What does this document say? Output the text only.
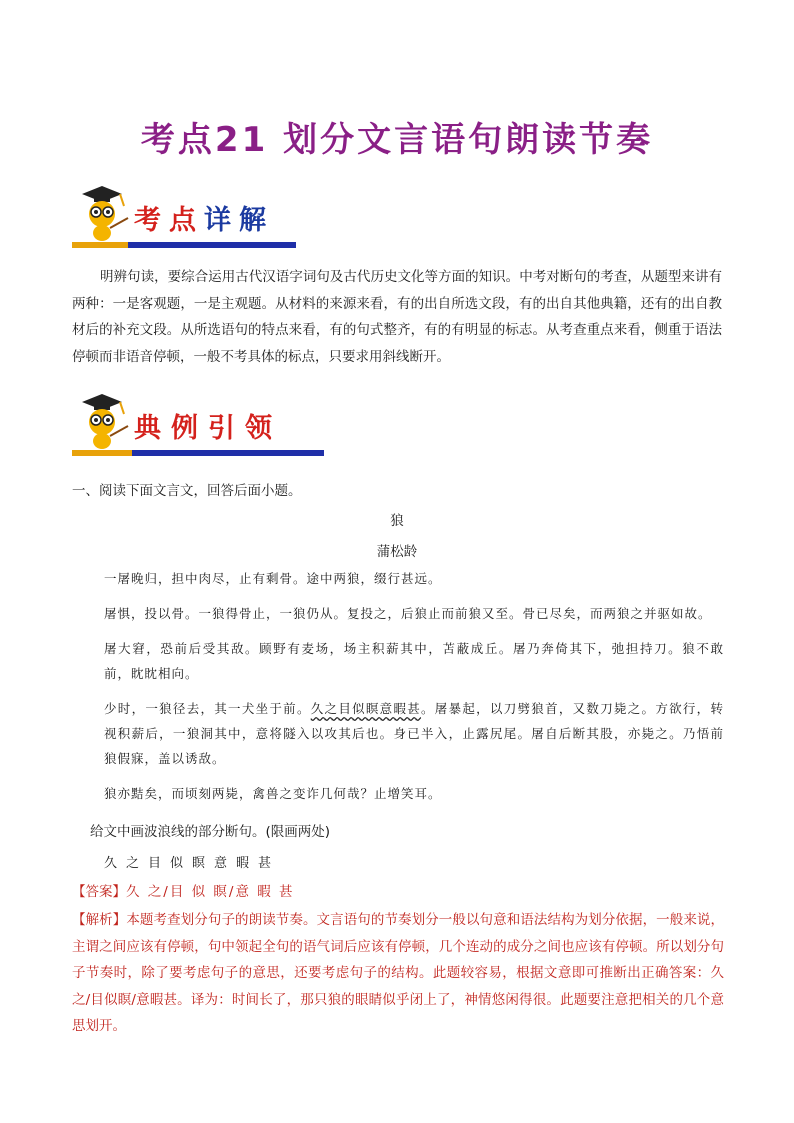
考点21 划分文言语句朗读节奏
考点详解
明辨句读，要综合运用古代汉语字词句及古代历史文化等方面的知识。中考对断句的考查，从题型来讲有两种：一是客观题，一是主观题。从材料的来源来看，有的出自所选文段，有的出自其他典籍，还有的出自教材后的补充文段。从所选语句的特点来看，有的句式整齐，有的有明显的标志。从考查重点来看，侧重于语法停顿而非语音停顿，一般不考具体的标点，只要求用斜线断开。
典例引领
一、阅读下面文言文，回答后面小题。
狼
蒲松龄

一屠晚归，担中肉尽，止有剩骨。途中两狼，缀行甚远。

屠惧，投以骨。一狼得骨止，一狼仍从。复投之，后狼止而前狼又至。骨已尽矣，而两狼之并驱如故。

屠大窘，恐前后受其敌。顾野有麦场，场主积薪其中，苫蔽成丘。屠乃奔倚其下，弛担持刀。狼不敢前，眈眈相向。

少时，一狼径去，其一犬坐于前。久之目似瞑意暇甚。屠暴起，以刀劈狼首，又数刀毙之。方欲行，转视积薪后，一狼洞其中，意将隧入以攻其后也。身已半入，止露尻尾。屠自后断其股，亦毙之。乃悟前狼假寐，盖以诱敌。

狼亦黠矣，而顷刻两毙，禽兽之变诈几何哉？止增笑耳。

给文中画波浪线的部分断句。(限画两处)
久之目似瞑意暇甚
【答案】久 之/目 似 瞑/意 暇 甚
【解析】本题考查划分句子的朗读节奏。文言语句的节奏划分一般以句意和语法结构为划分依据，一般来说，主谓之间应该有停顿，句中领起全句的语气词后应该有停顿，几个连动的成分之间也应该有停顿。所以划分句子节奏时，除了要考虑句子的意思，还要考虑句子的结构。此题较容易，根据文意即可推断出正确答案：久之/目似瞑/意暇甚。译为：时间长了，那只狼的眼睛似乎闭上了，神情悠闲得很。此题要注意把相关的几个意思划开。
